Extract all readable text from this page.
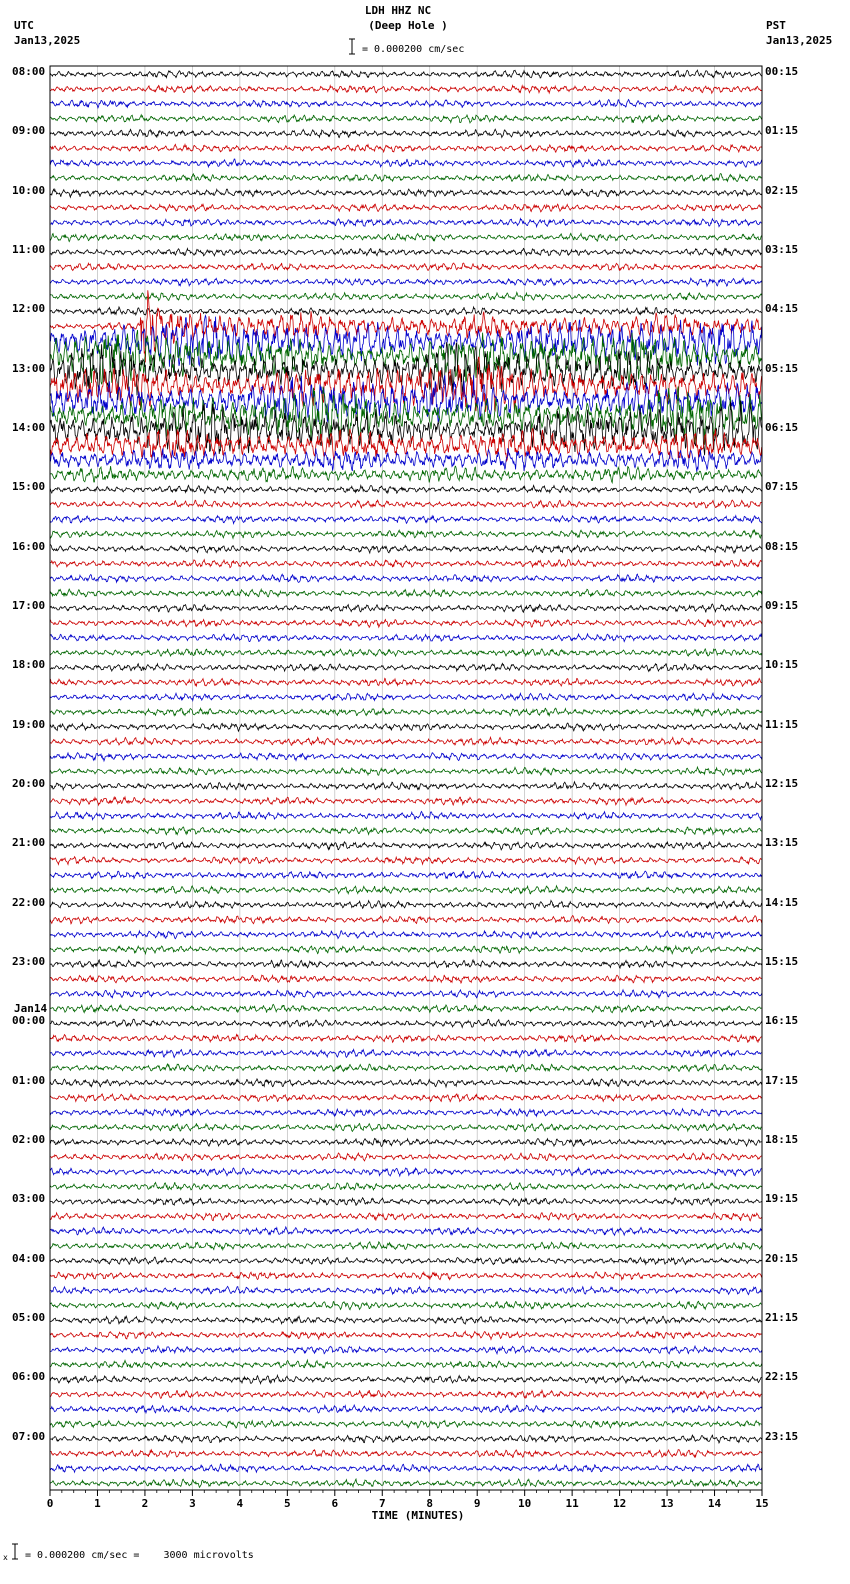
0	1	2	3	4	5	6	7	8	9	10	11	12	13	14	15
LDH HHZ NC
(Deep Hole )
UTC
Jan13,2025
PST
Jan13,2025
= 0.000200 cm/sec
08:00
09:00
10:00
11:00
12:00
13:00
14:00
15:00
16:00
17:00
18:00
19:00
20:00
21:00
22:00
23:00
00:00
01:00
02:00
03:00
04:00
05:00
06:00
07:00
00:15
01:15
02:15
03:15
04:15
05:15
06:15
07:15
08:15
09:15
10:15
11:15
12:15
13:15
14:15
15:15
16:15
17:15
18:15
19:15
20:15
21:15
22:15
23:15
Jan14
TIME (MINUTES)
x = 0.000200 cm/sec =    3000 microvolts
